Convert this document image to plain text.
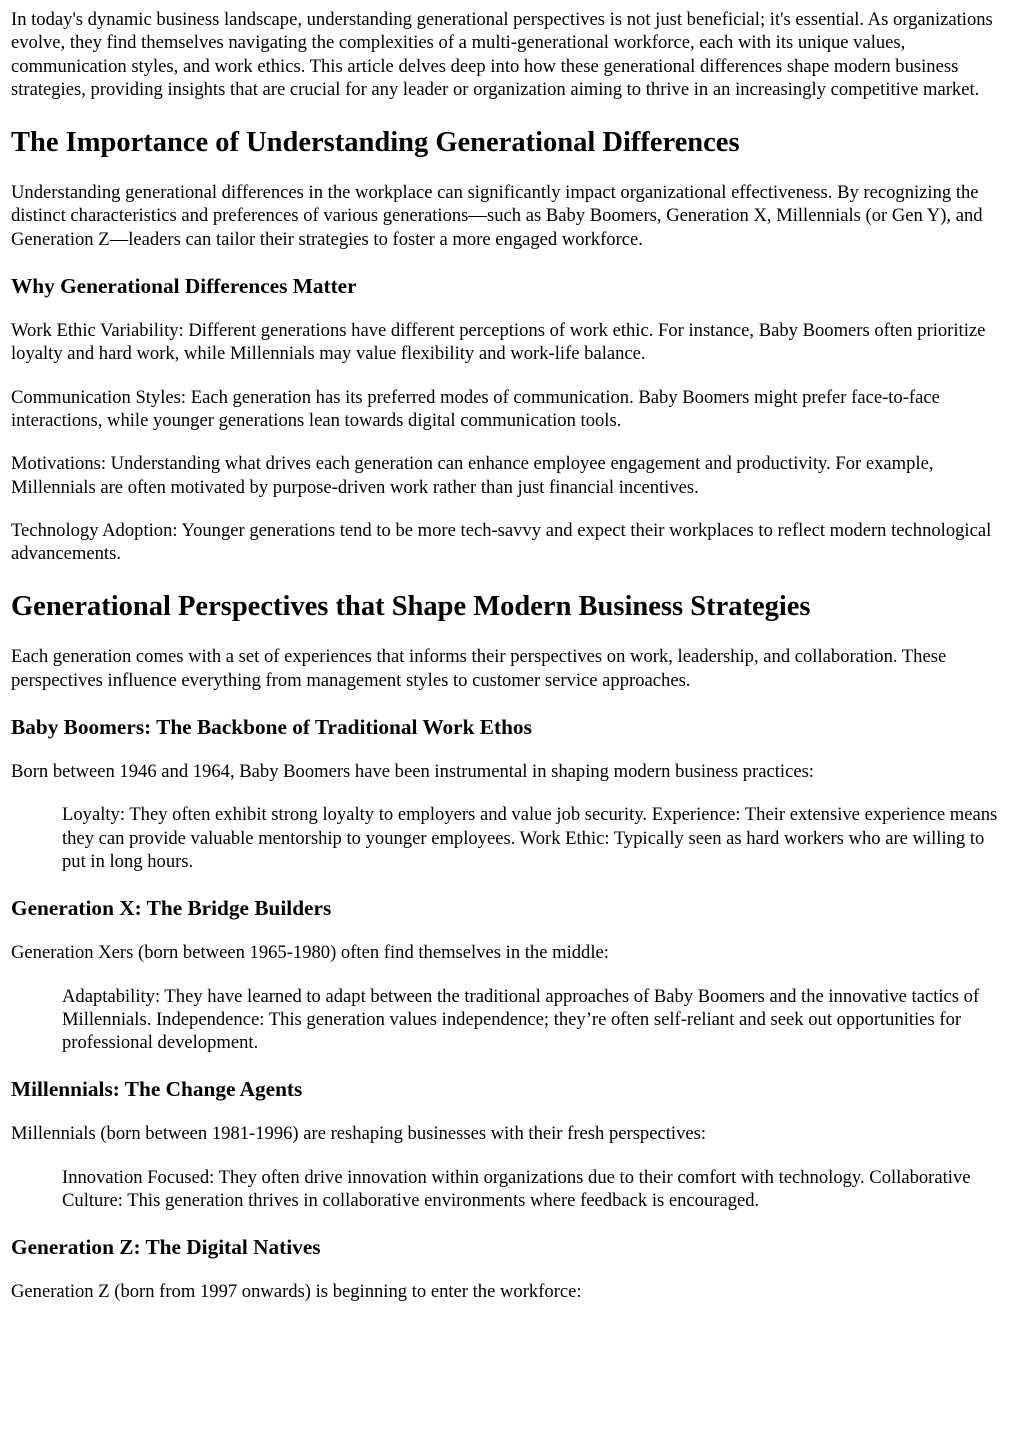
In today's dynamic business landscape, understanding generational perspectives is not just beneficial; it's essential. As organizations evolve, they find themselves navigating the complexities of a multi-generational workforce, each with its unique values, communication styles, and work ethics. This article delves deep into how these generational differences shape modern business strategies, providing insights that are crucial for any leader or organization aiming to thrive in an increasingly competitive market.

The Importance of Understanding Generational Differences

Understanding generational differences in the workplace can significantly impact organizational effectiveness. By recognizing the distinct characteristics and preferences of various generations—such as Baby Boomers, Generation X, Millennials (or Gen Y), and Generation Z—leaders can tailor their strategies to foster a more engaged workforce.

Why Generational Differences Matter

Work Ethic Variability: Different generations have different perceptions of work ethic. For instance, Baby Boomers often prioritize loyalty and hard work, while Millennials may value flexibility and work-life balance.

Communication Styles: Each generation has its preferred modes of communication. Baby Boomers might prefer face-to-face interactions, while younger generations lean towards digital communication tools.

Motivations: Understanding what drives each generation can enhance employee engagement and productivity. For example, Millennials are often motivated by purpose-driven work rather than just financial incentives.

Technology Adoption: Younger generations tend to be more tech-savvy and expect their workplaces to reflect modern technological advancements.

Generational Perspectives that Shape Modern Business Strategies

Each generation comes with a set of experiences that informs their perspectives on work, leadership, and collaboration. These perspectives influence everything from management styles to customer service approaches.

Baby Boomers: The Backbone of Traditional Work Ethos

Born between 1946 and 1964, Baby Boomers have been instrumental in shaping modern business practices:

Loyalty: They often exhibit strong loyalty to employers and value job security. Experience: Their extensive experience means they can provide valuable mentorship to younger employees. Work Ethic: Typically seen as hard workers who are willing to put in long hours.
Generation X: The Bridge Builders

Generation Xers (born between 1965-1980) often find themselves in the middle:

Adaptability: They have learned to adapt between the traditional approaches of Baby Boomers and the innovative tactics of Millennials. Independence: This generation values independence; they’re often self-reliant and seek out opportunities for professional development.
Millennials: The Change Agents

Millennials (born between 1981-1996) are reshaping businesses with their fresh perspectives:

Innovation Focused: They often drive innovation within organizations due to their comfort with technology. Collaborative Culture: This generation thrives in collaborative environments where feedback is encouraged.
Generation Z: The Digital Natives

Generation Z (born from 1997 onwards) is beginning to enter the workforce:
